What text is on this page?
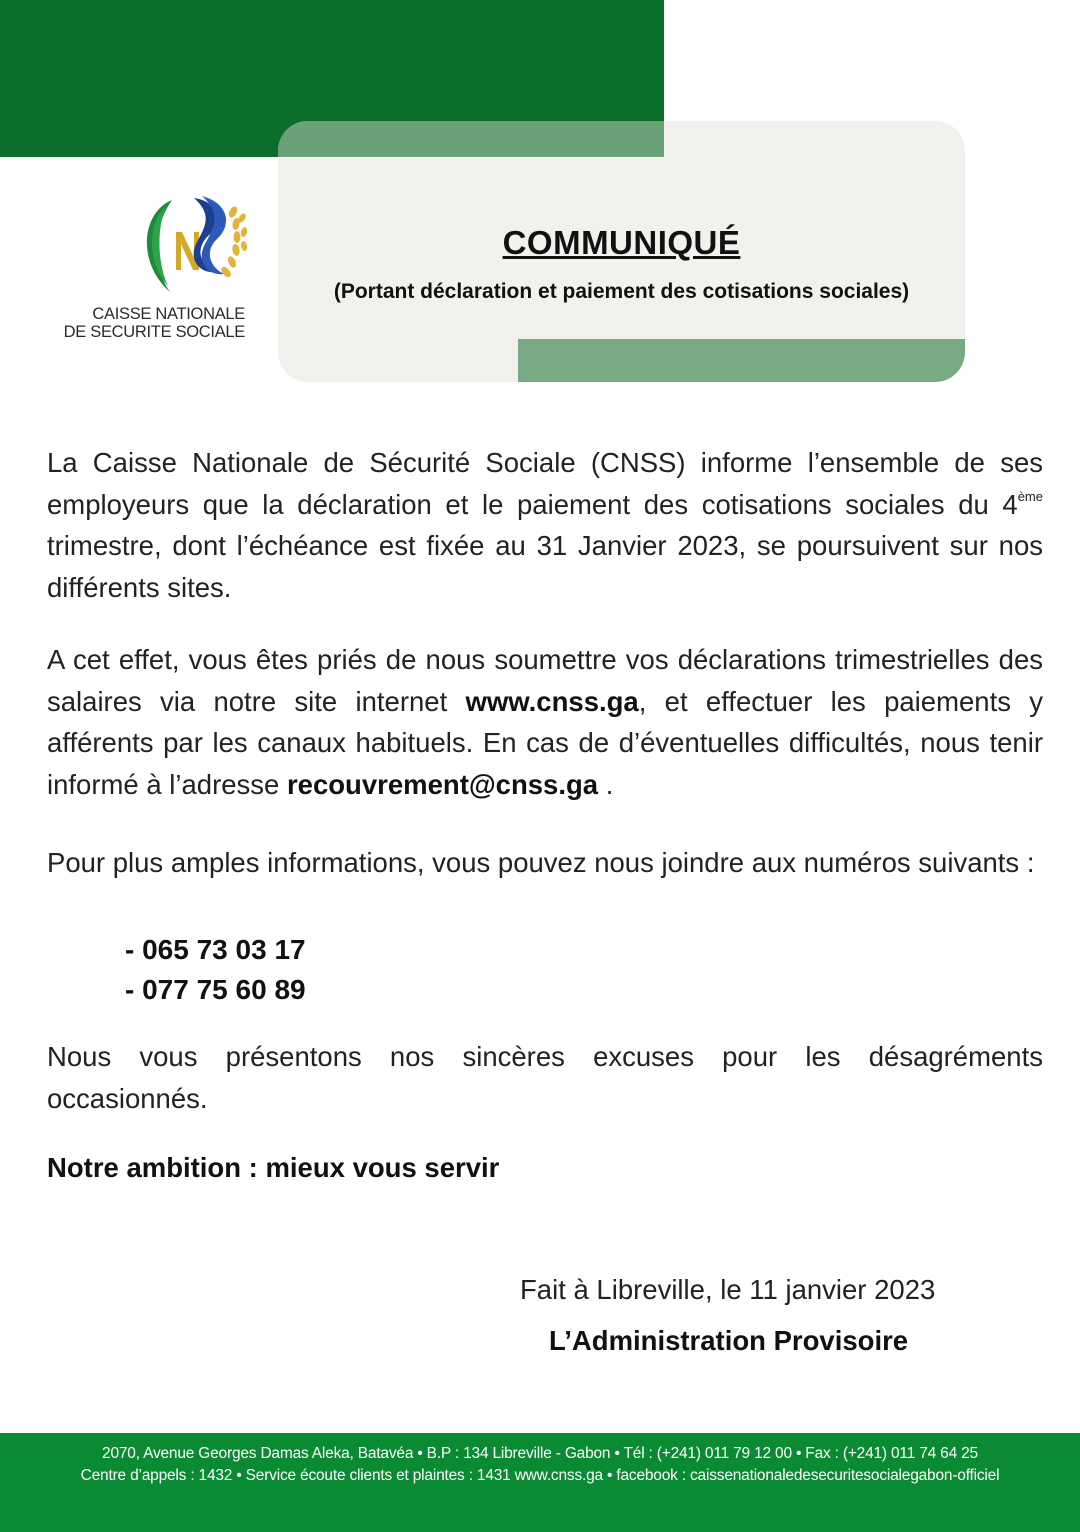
COMMUNIQUÉ
(Portant déclaration et paiement des cotisations sociales)
CAISSE NATIONALE
DE SECURITE SOCIALE

La Caisse Nationale de Sécurité Sociale (CNSS) informe l’ensemble de ses employeurs que la déclaration et le paiement des cotisations sociales du 4ème trimestre, dont l’échéance est fixée au 31 Janvier 2023, se poursuivent sur nos différents sites.

A cet effet, vous êtes priés de nous soumettre vos déclarations trimestrielles des salaires via notre site internet www.cnss.ga, et effectuer les paiements y afférents par les canaux habituels. En cas de d’éventuelles difficultés, nous tenir informé à l’adresse recouvrement@cnss.ga .

Pour plus amples informations, vous pouvez nous joindre aux numéros suivants :

- 065 73 03 17
- 077 75 60 89

Nous vous présentons nos sincères excuses pour les désagréments occasionnés.

Notre ambition : mieux vous servir
Fait à Libreville, le 11 janvier 2023
L’Administration Provisoire
2070, Avenue Georges Damas Aleka, Batavéa • B.P : 134 Libreville - Gabon • Tél : (+241) 011 79 12 00 • Fax : (+241) 011 74 64 25
Centre d’appels : 1432 • Service écoute clients et plaintes : 1431 www.cnss.ga • facebook : caissenationaledesecuritesocialegabon-officiel
